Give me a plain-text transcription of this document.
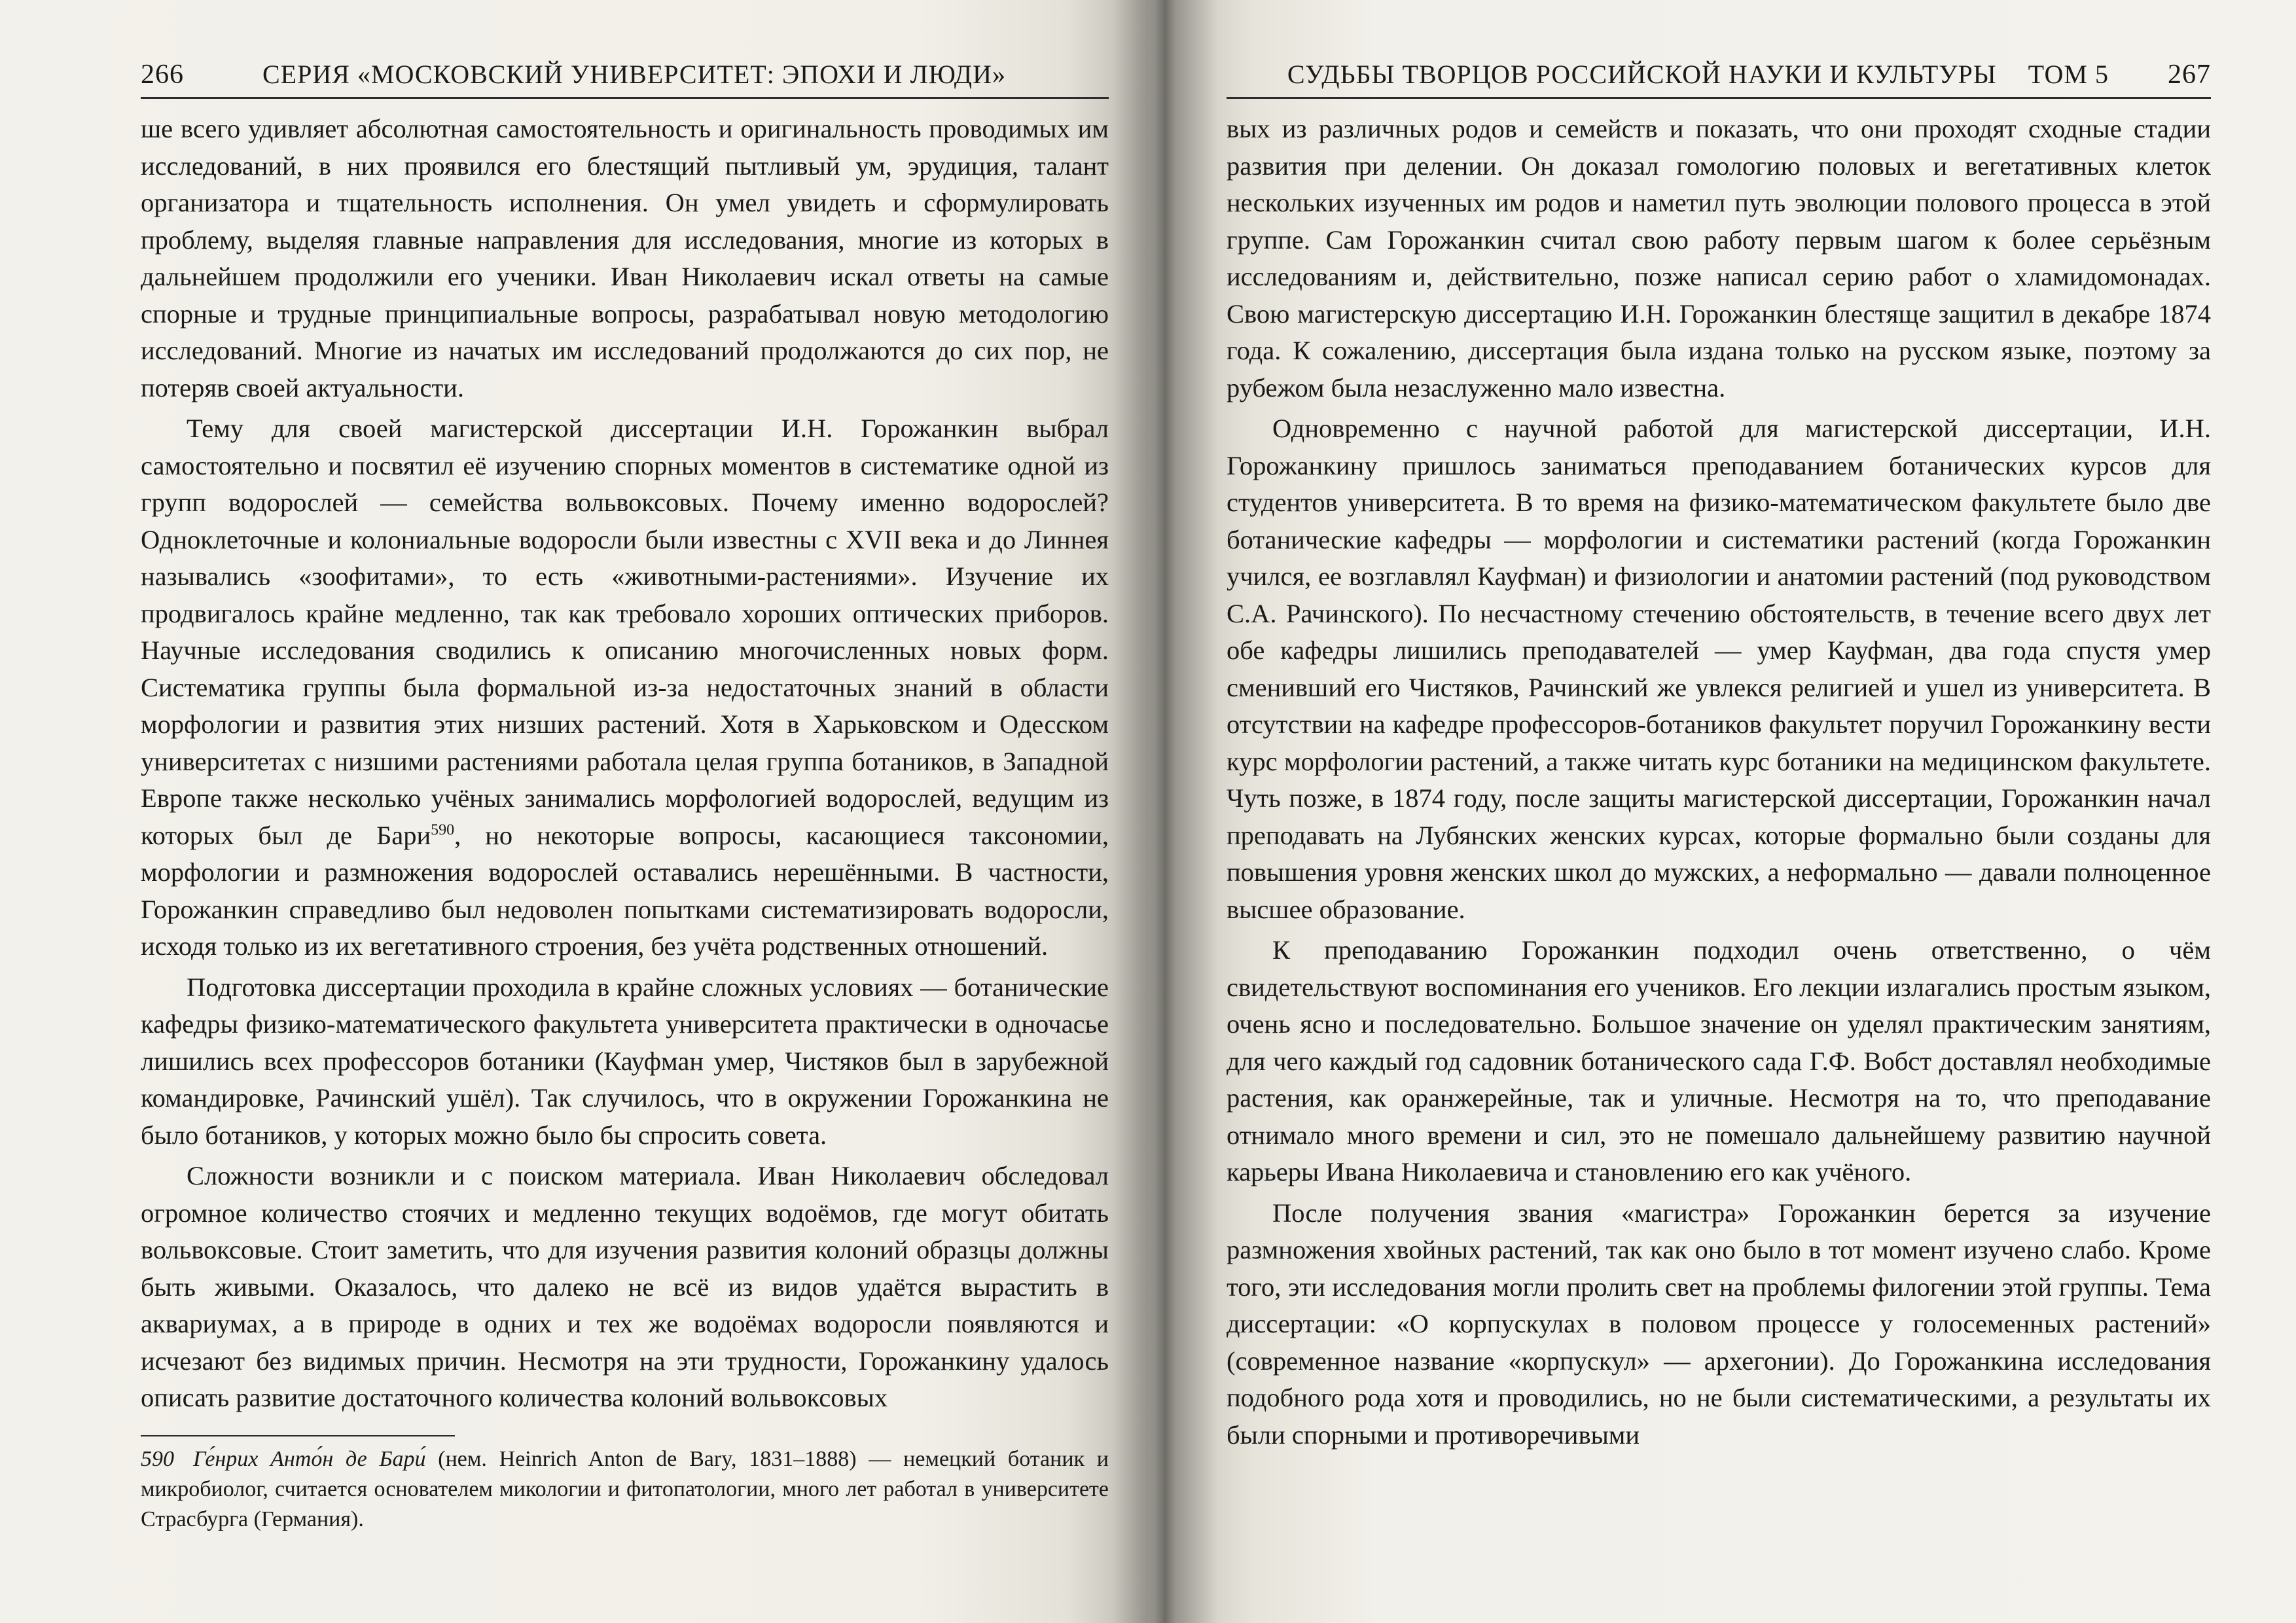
266	СЕРИЯ «МОСКОВСКИЙ УНИВЕРСИТЕТ: ЭПОХИ И ЛЮДИ»

ше всего удивляет абсолютная самостоятельность и оригинальность проводимых им исследований, в них проявился его блестящий пытливый ум, эрудиция, талант организатора и тщательность исполнения. Он умел увидеть и сформулировать проблему, выделяя главные направления для исследования, многие из которых в дальнейшем продолжили его ученики. Иван Николаевич искал ответы на самые спорные и трудные принципиальные вопросы, разрабатывал новую методологию исследований. Многие из начатых им исследований продолжаются до сих пор, не потеряв своей актуальности.

Тему для своей магистерской диссертации И.Н. Горожанкин выбрал самостоятельно и посвятил её изучению спорных моментов в систематике одной из групп водорослей — семейства вольвоксовых. Почему именно водорослей? Одноклеточные и колониальные водоросли были известны с XVII века и до Линнея назывались «зоофитами», то есть «животными-растениями». Изучение их продвигалось крайне медленно, так как требовало хороших оптических приборов. Научные исследования сводились к описанию многочисленных новых форм. Систематика группы была формальной из-за недостаточных знаний в области морфологии и развития этих низших растений. Хотя в Харьковском и Одесском университетах с низшими растениями работала целая группа ботаников, в Западной Европе также несколько учёных занимались морфологией водорослей, ведущим из которых был де Бари$^{590}$, но некоторые вопросы, касающиеся таксономии, морфологии и размножения водорослей оставались нерешёнными. В частности, Горожанкин справедливо был недоволен попытками систематизировать водоросли, исходя только из их вегетативного строения, без учёта родственных отношений.

Подготовка диссертации проходила в крайне сложных условиях — ботанические кафедры физико-математического факультета университета практически в одночасье лишились всех профессоров ботаники (Кауфман умер, Чистяков был в зарубежной командировке, Рачинский ушёл). Так случилось, что в окружении Горожанкина не было ботаников, у которых можно было бы спросить совета.

Сложности возникли и с поиском материала. Иван Николаевич обследовал огромное количество стоячих и медленно текущих водоёмов, где могут обитать вольвоксовые. Стоит заметить, что для изучения развития колоний образцы должны быть живыми. Оказалось, что далеко не всё из видов удаётся вырастить в аквариумах, а в природе в одних и тех же водоёмах водоросли появляются и исчезают без видимых причин. Несмотря на эти трудности, Горожанкину удалось описать развитие достаточного количества колоний вольвоксовых

590 Ге́нрих Анто́н де Бари́ (нем. Heinrich Anton de Bary, 1831–1888) — немецкий ботаник и микробиолог, считается основателем микологии и фитопатологии, много лет работал в университете Страсбурга (Германия).
СУДЬБЫ ТВОРЦОВ РОССИЙСКОЙ НАУКИ И КУЛЬТУРЫ ТОМ 5 267

вых из различных родов и семейств и показать, что они проходят сходные стадии развития при делении. Он доказал гомологию половых и вегетативных клеток нескольких изученных им родов и наметил путь эволюции полового процесса в этой группе. Сам Горожанкин считал свою работу первым шагом к более серьёзным исследованиям и, действительно, позже написал серию работ о хламидомонадах. Свою магистерскую диссертацию И.Н. Горожанкин блестяще защитил в декабре 1874 года. К сожалению, диссертация была издана только на русском языке, поэтому за рубежом была незаслуженно мало известна.

Одновременно с научной работой для магистерской диссертации, И.Н. Горожанкину пришлось заниматься преподаванием ботанических курсов для студентов университета. В то время на физико-математическом факультете было две ботанические кафедры — морфологии и систематики растений (когда Горожанкин учился, ее возглавлял Кауфман) и физиологии и анатомии растений (под руководством С.А. Рачинского). По несчастному стечению обстоятельств, в течение всего двух лет обе кафедры лишились преподавателей — умер Кауфман, два года спустя умер сменивший его Чистяков, Рачинский же увлекся религией и ушел из университета. В отсутствии на кафедре профессоров-ботаников факультет поручил Горожанкину вести курс морфологии растений, а также читать курс ботаники на медицинском факультете. Чуть позже, в 1874 году, после защиты магистерской диссертации, Горожанкин начал преподавать на Лубянских женских курсах, которые формально были созданы для повышения уровня женских школ до мужских, а неформально — давали полноценное высшее образование.

К преподаванию Горожанкин подходил очень ответственно, о чём свидетельствуют воспоминания его учеников. Его лекции излагались простым языком, очень ясно и последовательно. Большое значение он уделял практическим занятиям, для чего каждый год садовник ботанического сада Г.Ф. Вобст доставлял необходимые растения, как оранжерейные, так и уличные. Несмотря на то, что преподавание отнимало много времени и сил, это не помешало дальнейшему развитию научной карьеры Ивана Николаевича и становлению его как учёного.

После получения звания «магистра» Горожанкин берется за изучение размножения хвойных растений, так как оно было в тот момент изучено слабо. Кроме того, эти исследования могли пролить свет на проблемы филогении этой группы. Тема диссертации: «О корпускулах в половом процессе у голосеменных растений» (современное название «корпускул» — архегонии). До Горожанкина исследования подобного рода хотя и проводились, но не были систематическими, а результаты их были спорными и противоречивыми
